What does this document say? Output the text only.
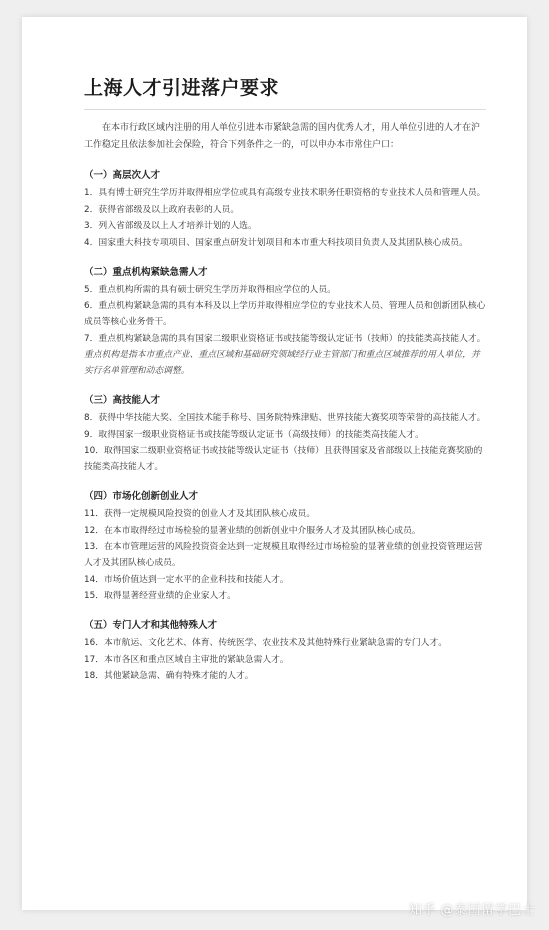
上海人才引进落户要求
在本市行政区域内注册的用人单位引进本市紧缺急需的国内优秀人才，用人单位引进的人才在沪工作稳定且依法参加社会保险，符合下列条件之一的，可以申办本市常住户口：
（一）高层次人才
1．具有博士研究生学历并取得相应学位或具有高级专业技术职务任职资格的专业技术人员和管理人员。
2．获得省部级及以上政府表彰的人员。
3．列入省部级及以上人才培养计划的人选。
4．国家重大科技专项项目、国家重点研发计划项目和本市重大科技项目负责人及其团队核心成员。
（二）重点机构紧缺急需人才
5．重点机构所需的具有硕士研究生学历并取得相应学位的人员。
6．重点机构紧缺急需的具有本科及以上学历并取得相应学位的专业技术人员、管理人员和创新团队核心成员等核心业务骨干。
7．重点机构紧缺急需的具有国家二级职业资格证书或技能等级认定证书（技师）的技能类高技能人才。
重点机构是指本市重点产业、重点区域和基础研究领域经行业主管部门和重点区域推荐的用人单位，并实行名单管理和动态调整。
（三）高技能人才
8．获得中华技能大奖、全国技术能手称号、国务院特殊津贴、世界技能大赛奖项等荣誉的高技能人才。
9．取得国家一级职业资格证书或技能等级认定证书（高级技师）的技能类高技能人才。
10．取得国家二级职业资格证书或技能等级认定证书（技师）且获得国家及省部级以上技能竞赛奖励的技能类高技能人才。
（四）市场化创新创业人才
11．获得一定规模风险投资的创业人才及其团队核心成员。
12．在本市取得经过市场检验的显著业绩的创新创业中介服务人才及其团队核心成员。
13．在本市管理运营的风险投资资金达到一定规模且取得经过市场检验的显著业绩的创业投资管理运营人才及其团队核心成员。
14．市场价值达到一定水平的企业科技和技能人才。
15．取得显著经营业绩的企业家人才。
（五）专门人才和其他特殊人才
16．本市航运、文化艺术、体育、传统医学、农业技术及其他特殊行业紧缺急需的专门人才。
17．本市各区和重点区域自主审批的紧缺急需人才。
18．其他紧缺急需、确有特殊才能的人才。
知乎 @泰国留学巴士
